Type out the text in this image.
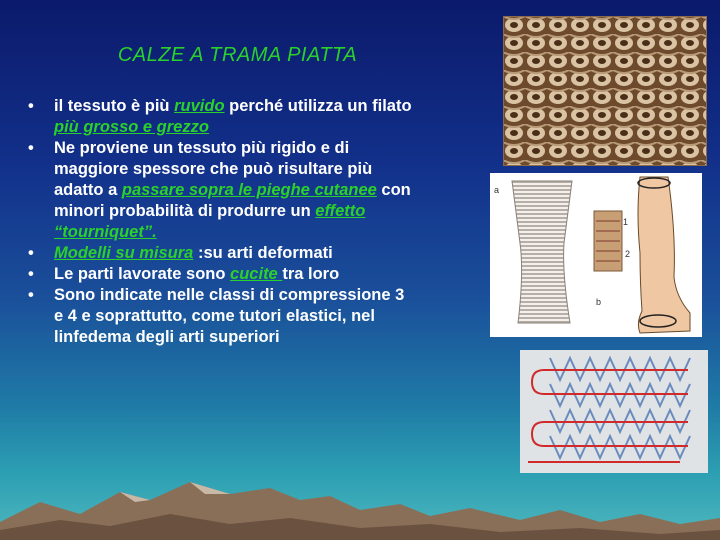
CALZE A TRAMA PIATTA
• il tessuto è più ruvido perché utilizza un filato più grosso e grezzo
• Ne proviene un tessuto più rigido e di maggiore spessore che può risultare più adatto a passare sopra le pieghe cutanee con minori probabilità di produrre un effetto “tourniquet”.
• Modelli su misura :su arti deformati
• Le parti lavorate sono cucite tra loro
• Sono indicate nelle classi di compressione 3 e 4 e soprattutto, come tutori elastici, nel linfedema degli arti superiori
1
2
a
b
